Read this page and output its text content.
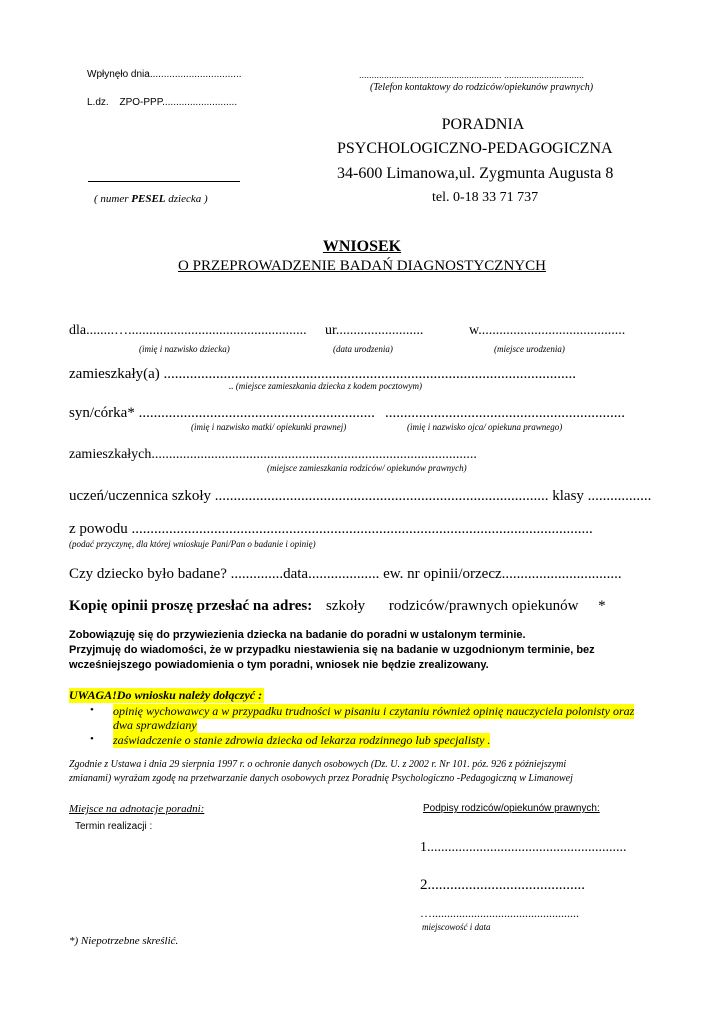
Wpłynęło dnia.................................
L.dz. ZPO-PPP...........................
......................................................... ................................
(Telefon kontaktowy do rodziców/opiekunów prawnych)
PORADNIA
PSYCHOLOGICZNO-PEDAGOGICZNA
34-600 Limanowa,ul. Zygmunta Augusta 8
tel. 0-18 33 71 737
( numer PESEL dziecka )
WNIOSEK
O PRZEPROWADZENIE BADAŃ DIAGNOSTYCZNYCH
dla........…................................................... ur.........................	w..........................................
(imię i nazwisko dziecka)	(data urodzenia)	(miejsce urodzenia)
zamieszkały(a) ..............................................................................................................
.. (miejsce zamieszkania dziecka z kodem pocztowym)
syn/córka* ............................................................... ................................................................
(imię i nazwisko matki/ opiekunki prawnej)	(imię i nazwisko ojca/ opiekuna prawnego)
zamieszkałych.............................................................................................
(miejsce zamieszkania rodziców/ opiekunów prawnych)
uczeń/uczennica szkoły ......................................................................................... klasy .................
z powodu ...........................................................................................................................
(podać przyczynę, dla której wnioskuje Pani/Pan o badanie i opinię)
Czy dziecko było badane? ..............data................... ew. nr opinii/orzecz................................
Kopię opinii proszę przesłać na adres: szkoły rodziców/prawnych opiekunów *
Zobowiązuję się do przywiezienia dziecka na badanie do poradni w ustalonym terminie.
Przyjmuję do wiadomości, że w przypadku niestawienia się na badanie w uzgodnionym terminie, bez
wcześniejszego powiadomienia o tym poradni, wniosek nie będzie zrealizowany.
UWAGA!Do wniosku należy dołączyć :
• opinię wychowawcy a w przypadku trudności w pisaniu i czytaniu również opinię nauczyciela polonisty oraz
dwa sprawdziany
• zaświadczenie o stanie zdrowia dziecka od lekarza rodzinnego lub specjalisty .
Zgodnie z Ustawa i dnia 29 sierpnia 1997 r. o ochronie danych osobowych (Dz. U. z 2002 r. Nr 101. póz. 926 z późniejszymi
zmianami) wyrażam zgodę na przetwarzanie danych osobowych przez Poradnię Psychologiczno -Pedagogiczną w Limanowej
Miejsce na adnotacje poradni:
Termin realizacji :
Podpisy rodziców/opiekunów prawnych:
1.........................................................
2..........................................
….................................................
miejscowość i data
*) Niepotrzebne skreślić.
